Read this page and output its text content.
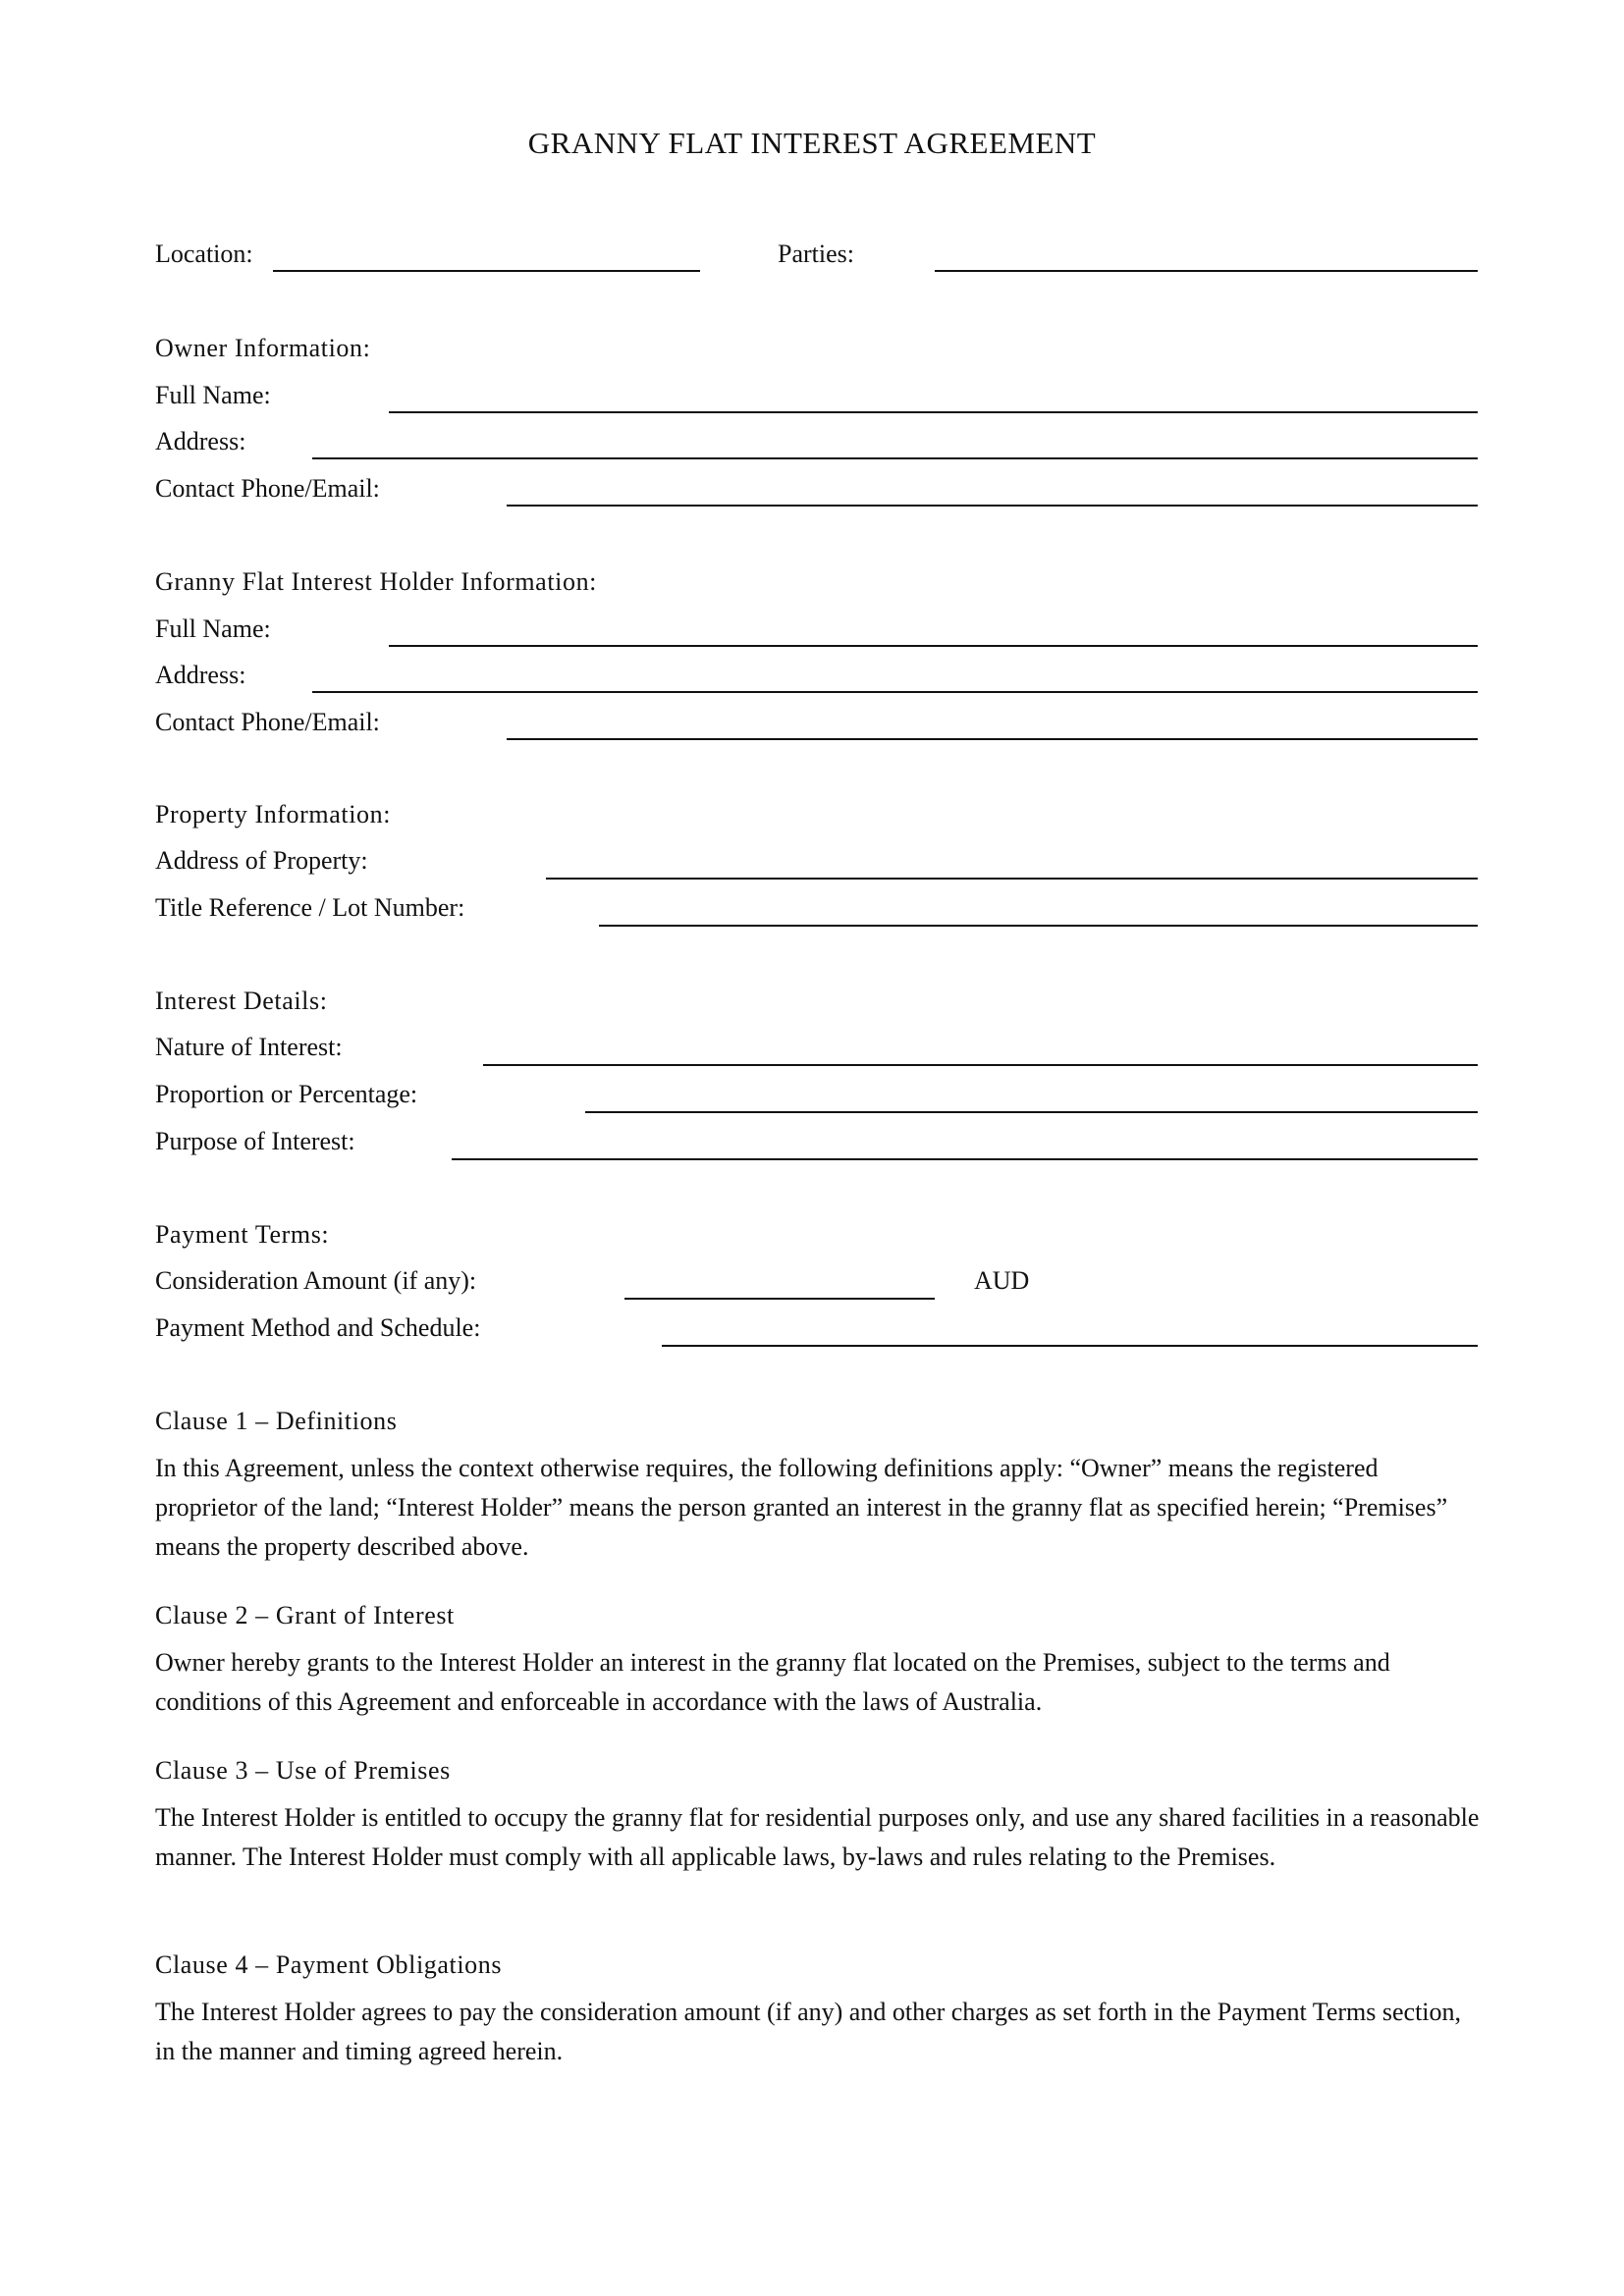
GRANNY FLAT INTEREST AGREEMENT
Location:	Parties:
Owner Information:
Full Name:
Address:
Contact Phone/Email:
Granny Flat Interest Holder Information:
Full Name:
Address:
Contact Phone/Email:
Property Information:
Address of Property:
Title Reference / Lot Number:
Interest Details:
Nature of Interest:
Proportion or Percentage:
Purpose of Interest:
Payment Terms:
Consideration Amount (if any):	AUD
Payment Method and Schedule:
Clause 1 – Definitions
In this Agreement, unless the context otherwise requires, the following definitions apply: “Owner” means the registered proprietor of the land; “Interest Holder” means the person granted an interest in the granny flat as specified herein; “Premises” means the property described above.
Clause 2 – Grant of Interest
Owner hereby grants to the Interest Holder an interest in the granny flat located on the Premises, subject to the terms and conditions of this Agreement and enforceable in accordance with the laws of Australia.
Clause 3 – Use of Premises
The Interest Holder is entitled to occupy the granny flat for residential purposes only, and use any shared facilities in a reasonable manner. The Interest Holder must comply with all applicable laws, by-laws and rules relating to the Premises.
Clause 4 – Payment Obligations
The Interest Holder agrees to pay the consideration amount (if any) and other charges as set forth in the Payment Terms section, in the manner and timing agreed herein.
